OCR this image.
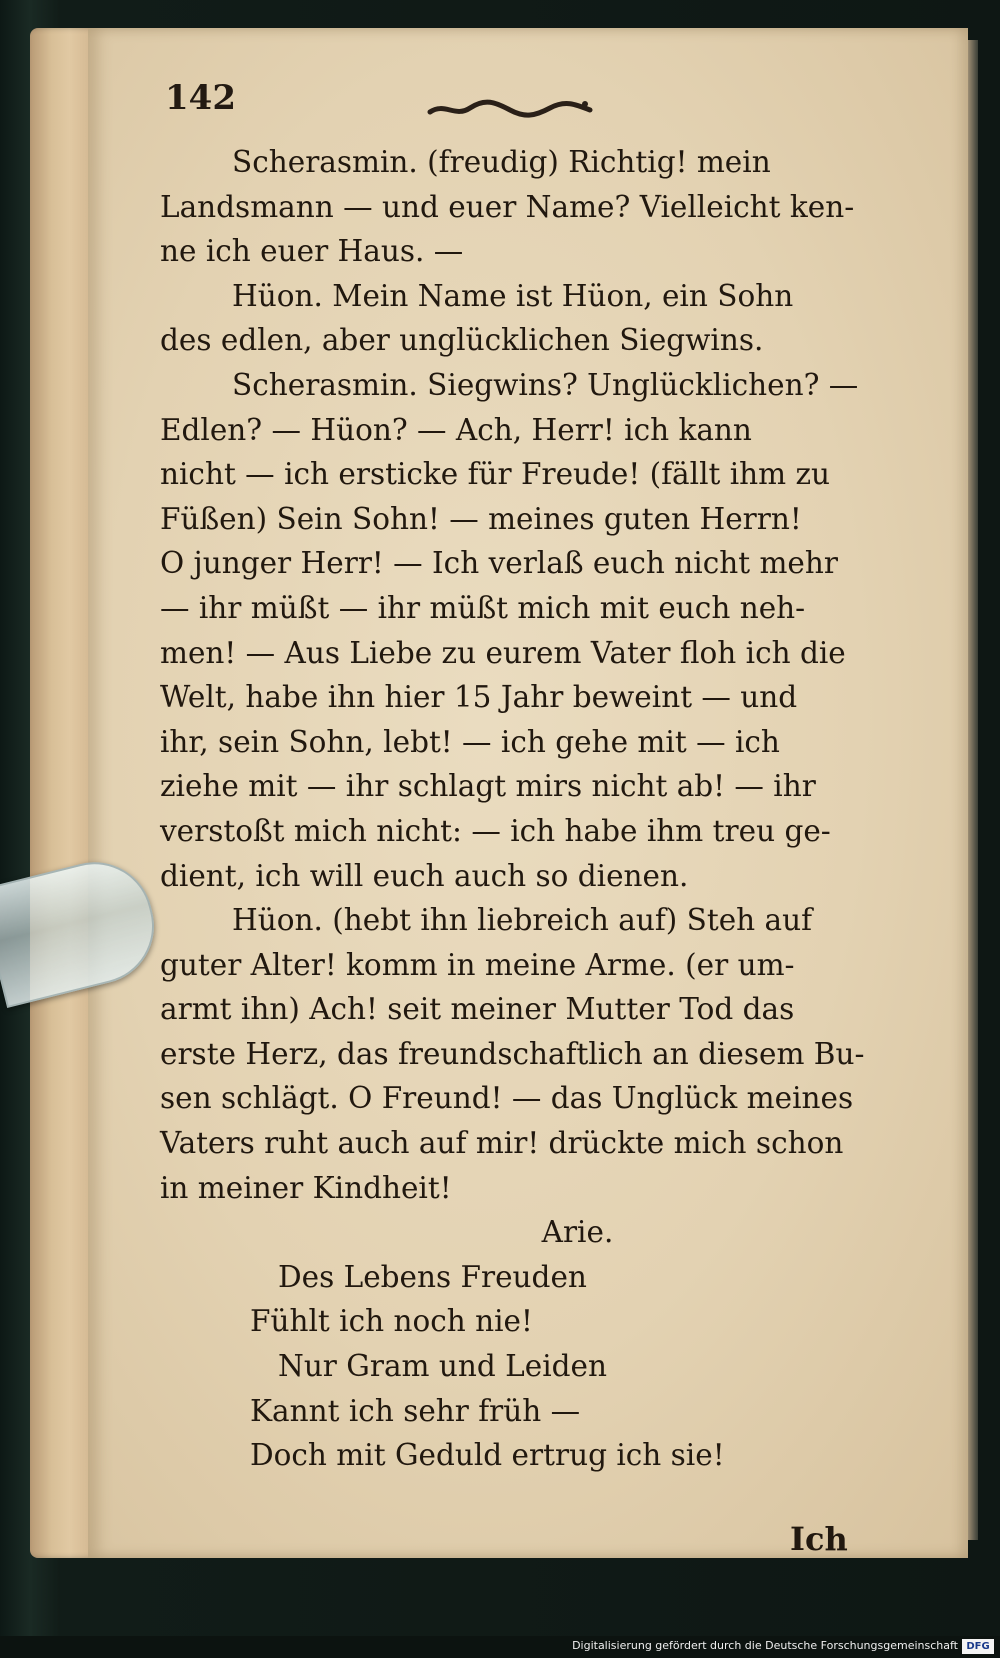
142
Scherasmin. (freudig) Richtig! mein
Landsmann — und euer Name? Vielleicht ken-
ne ich euer Haus. —
Hüon. Mein Name ist Hüon, ein Sohn
des edlen, aber unglücklichen Siegwins.
Scherasmin. Siegwins? Unglücklichen? —
Edlen? — Hüon? — Ach, Herr! ich kann
nicht — ich ersticke für Freude! (fällt ihm zu
Füßen) Sein Sohn! — meines guten Herrn!
O junger Herr! — Ich verlaß euch nicht mehr
— ihr müßt — ihr müßt mich mit euch neh-
men! — Aus Liebe zu eurem Vater floh ich die
Welt, habe ihn hier 15 Jahr beweint — und
ihr, sein Sohn, lebt! — ich gehe mit — ich
ziehe mit — ihr schlagt mirs nicht ab! — ihr
verstoßt mich nicht: — ich habe ihm treu ge-
dient, ich will euch auch so dienen.
Hüon. (hebt ihn liebreich auf) Steh auf
guter Alter! komm in meine Arme. (er um-
armt ihn) Ach! seit meiner Mutter Tod das
erste Herz, das freundschaftlich an diesem Bu-
sen schlägt. O Freund! — das Unglück meines
Vaters ruht auch auf mir! drückte mich schon
in meiner Kindheit!
Arie.
Des Lebens Freuden
Fühlt ich noch nie!
Nur Gram und Leiden
Kannt ich sehr früh —
Doch mit Geduld ertrug ich sie!
Ich
Digitalisierung gefördert durch die Deutsche Forschungsgemeinschaft DFG
